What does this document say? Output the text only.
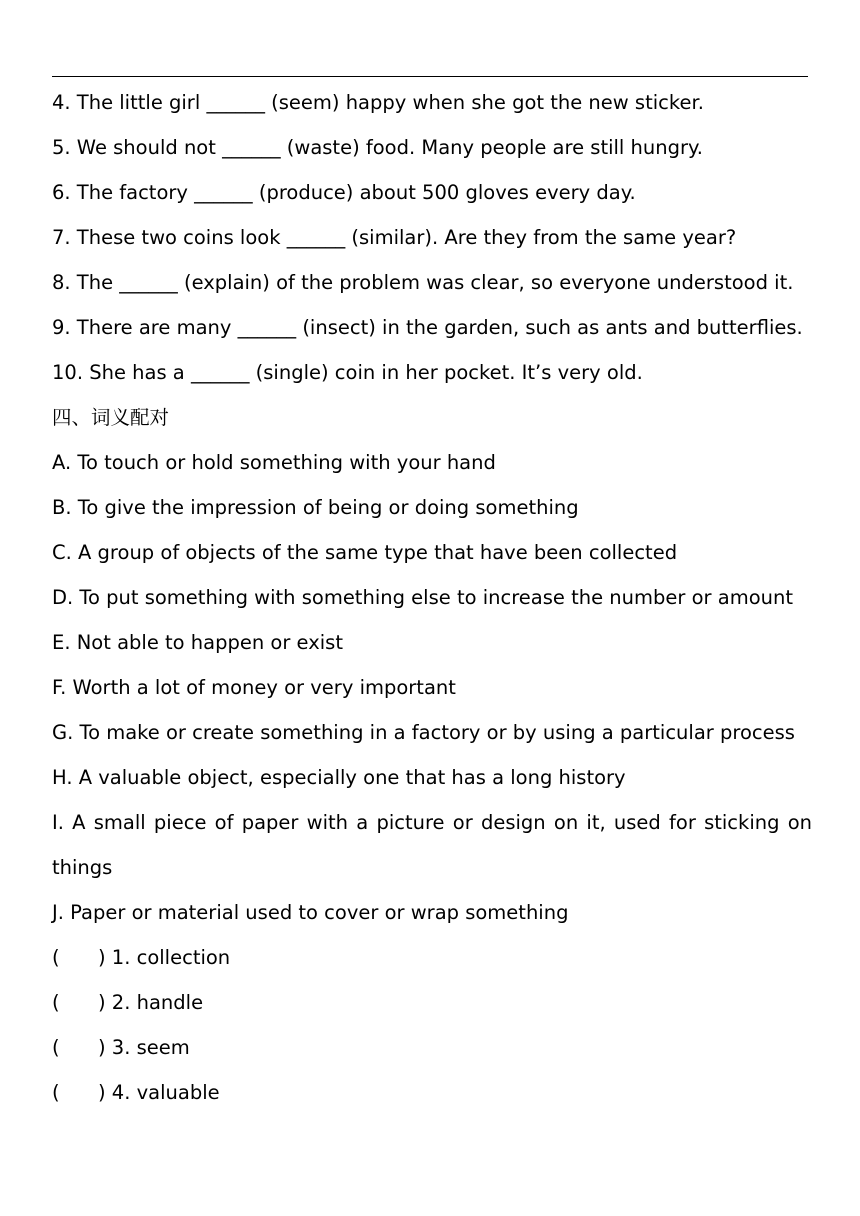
4. The little girl ______ (seem) happy when she got the new sticker.
5. We should not ______ (waste) food. Many people are still hungry.
6. The factory ______ (produce) about 500 gloves every day.
7. These two coins look ______ (similar). Are they from the same year?
8. The ______ (explain) of the problem was clear, so everyone understood it.
9. There are many ______ (insect) in the garden, such as ants and butterflies.
10. She has a ______ (single) coin in her pocket. It’s very old.
四、词义配对
A. To touch or hold something with your hand
B. To give the impression of being or doing something
C. A group of objects of the same type that have been collected
D. To put something with something else to increase the number or amount
E. Not able to happen or exist
F. Worth a lot of money or very important
G. To make or create something in a factory or by using a particular process
H. A valuable object, especially one that has a long history
I. A small piece of paper with a picture or design on it, used for sticking on
things
J. Paper or material used to cover or wrap something
( ) 1. collection
( ) 2. handle
( ) 3. seem
( ) 4. valuable
